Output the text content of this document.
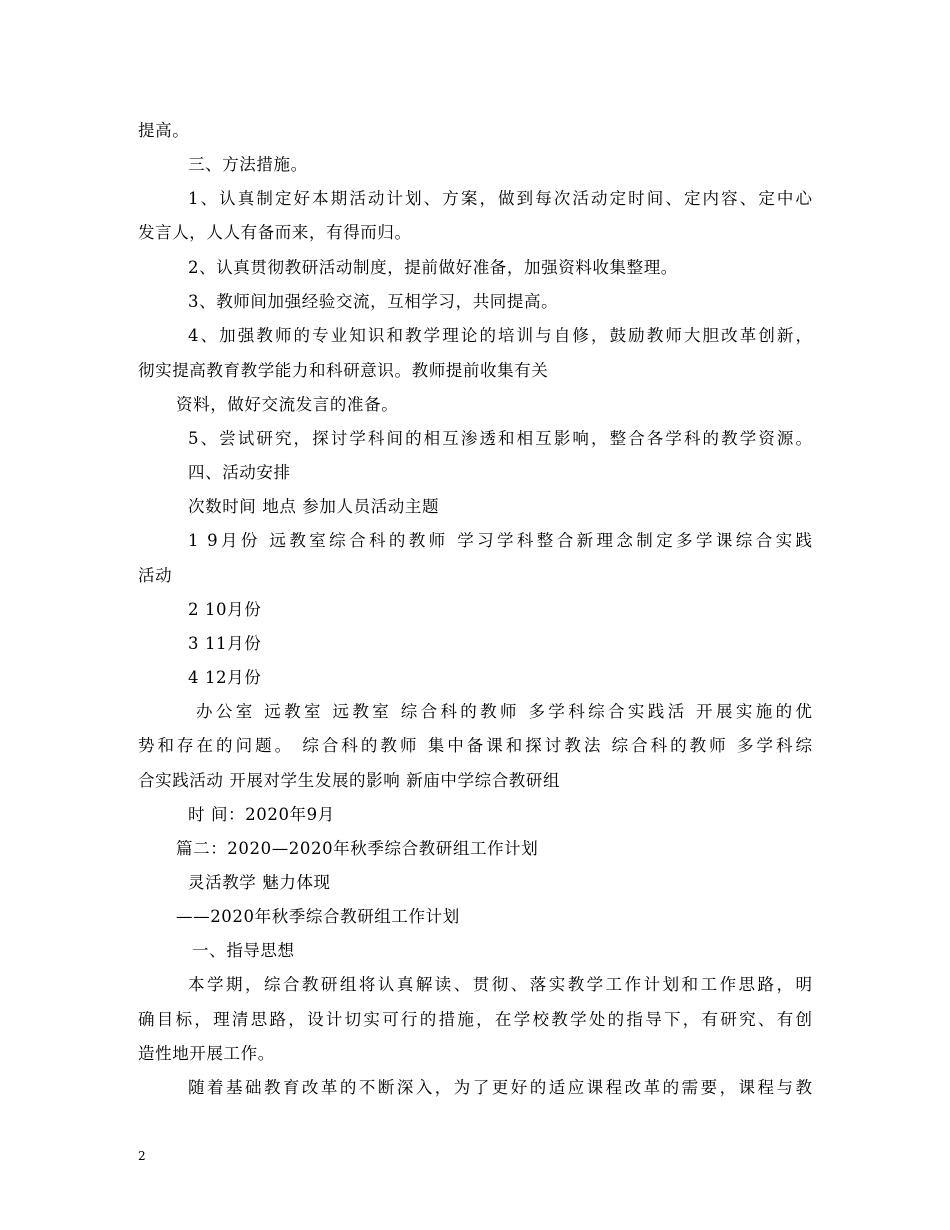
提高。
三、方法措施。
1、认真制定好本期活动计划、方案，做到每次活动定时间、定内容、定中心
发言人，人人有备而来，有得而归。
2、认真贯彻教研活动制度，提前做好准备，加强资料收集整理。
3、教师间加强经验交流，互相学习，共同提高。
4、加强教师的专业知识和教学理论的培训与自修，鼓励教师大胆改革创新，
彻实提高教育教学能力和科研意识。教师提前收集有关
资料，做好交流发言的准备。
5、尝试研究，探讨学科间的相互渗透和相互影响，整合各学科的教学资源。
四、活动安排
次数时间 地点 参加人员活动主题
1 9月份 远教室综合科的教师 学习学科整合新理念制定多学课综合实践
活动
2 10月份
3 11月份
4 12月份
办公室 远教室 远教室 综合科的教师 多学科综合实践活 开展实施的优
势和存在的问题。 综合科的教师 集中备课和探讨教法 综合科的教师 多学科综
合实践活动 开展对学生发展的影响 新庙中学综合教研组
时 间：2020年9月
篇二：2020—2020年秋季综合教研组工作计划
灵活教学 魅力体现
——2020年秋季综合教研组工作计划
一、指导思想
本学期，综合教研组将认真解读、贯彻、落实教学工作计划和工作思路，明
确目标，理清思路，设计切实可行的措施，在学校教学处的指导下，有研究、有创
造性地开展工作。
随着基础教育改革的不断深入，为了更好的适应课程改革的需要，课程与教
2
